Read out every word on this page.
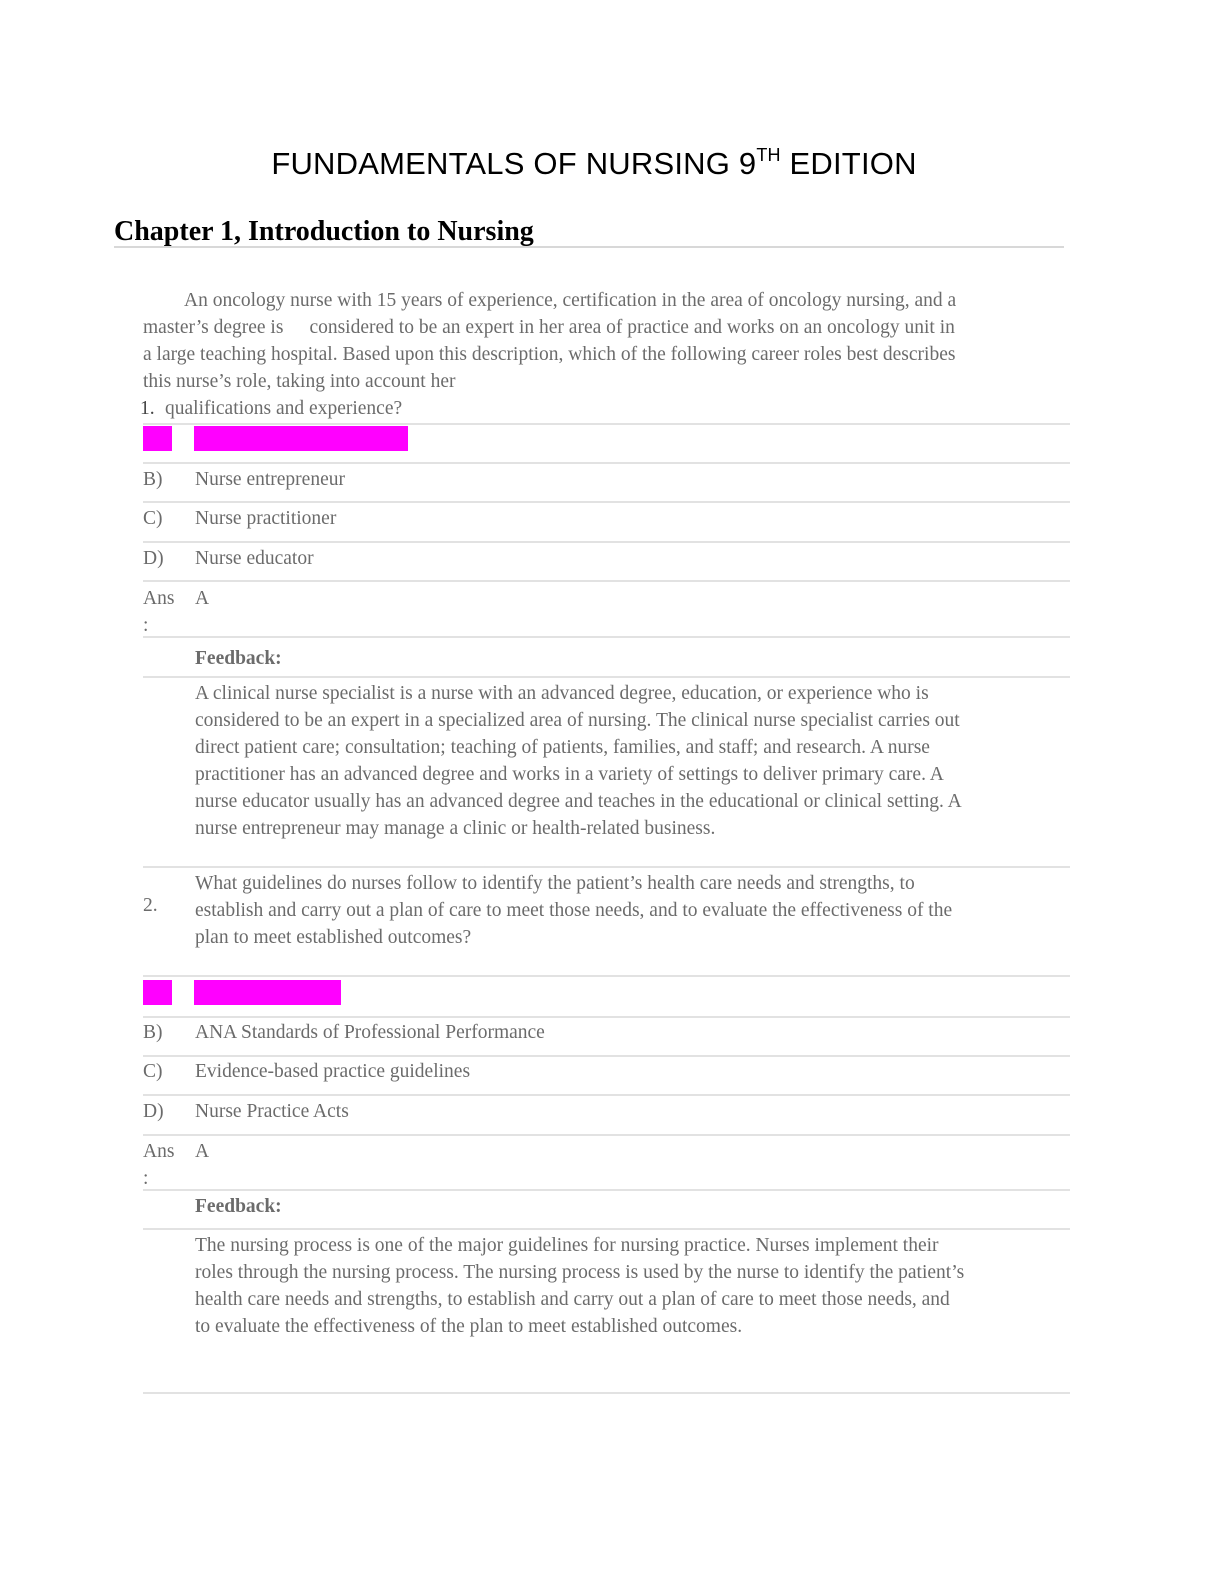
FUNDAMENTALS OF NURSING 9TH EDITION
Chapter 1, Introduction to Nursing
An oncology nurse with 15 years of experience, certification in the area of oncology nursing, and a
master’s degree is considered to be an expert in her area of practice and works on an oncology unit in
a large teaching hospital. Based upon this description, which of the following career roles best describes
this nurse’s role, taking into account her
1. qualifications and experience?
A) Clinical nurse specialist
B) Nurse entrepreneur
C) Nurse practitioner
D) Nurse educator
Ans
:
A
Feedback:
A clinical nurse specialist is a nurse with an advanced degree, education, or experience who is
considered to be an expert in a specialized area of nursing. The clinical nurse specialist carries out
direct patient care; consultation; teaching of patients, families, and staff; and research. A nurse
practitioner has an advanced degree and works in a variety of settings to deliver primary care. A
nurse educator usually has an advanced degree and teaches in the educational or clinical setting. A
nurse entrepreneur may manage a clinic or health-related business.
2.
What guidelines do nurses follow to identify the patient’s health care needs and strengths, to
establish and carry out a plan of care to meet those needs, and to evaluate the effectiveness of the
plan to meet established outcomes?
A) Nursing process
B) ANA Standards of Professional Performance
C) Evidence-based practice guidelines
D) Nurse Practice Acts
Ans
:
A
Feedback:
The nursing process is one of the major guidelines for nursing practice. Nurses implement their
roles through the nursing process. The nursing process is used by the nurse to identify the patient’s
health care needs and strengths, to establish and carry out a plan of care to meet those needs, and
to evaluate the effectiveness of the plan to meet established outcomes.
